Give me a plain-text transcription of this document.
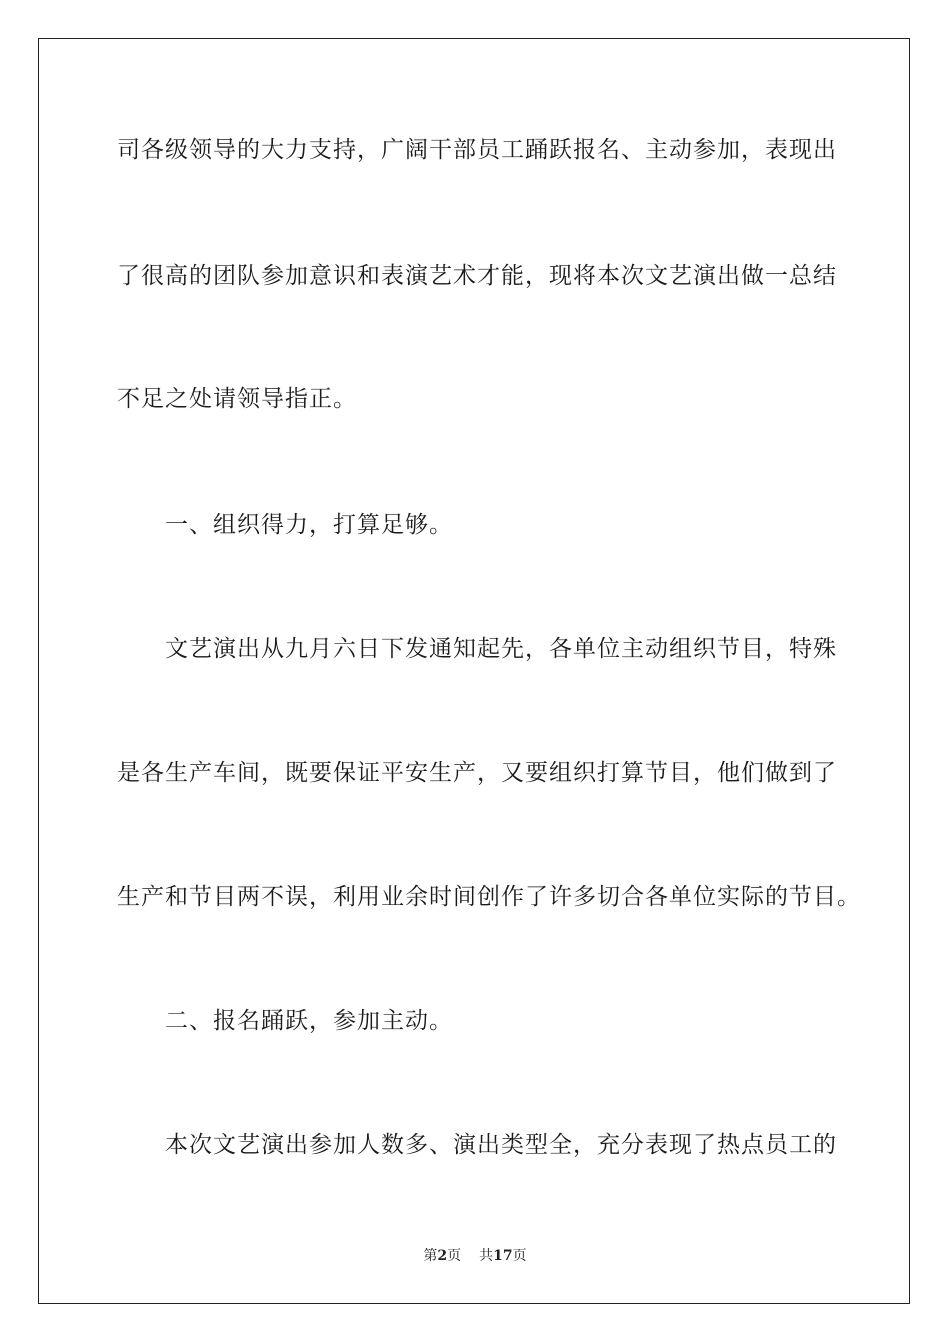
司各级领导的大力支持，广阔干部员工踊跃报名、主动参加，表现出

了很高的团队参加意识和表演艺术才能，现将本次文艺演出做一总结

不足之处请领导指正。

一、组织得力，打算足够。

文艺演出从九月六日下发通知起先，各单位主动组织节目，特殊

是各生产车间，既要保证平安生产，又要组织打算节目，他们做到了

生产和节目两不误，利用业余时间创作了许多切合各单位实际的节目。

二、报名踊跃，参加主动。

本次文艺演出参加人数多、演出类型全，充分表现了热点员工的

第2页 共17页
